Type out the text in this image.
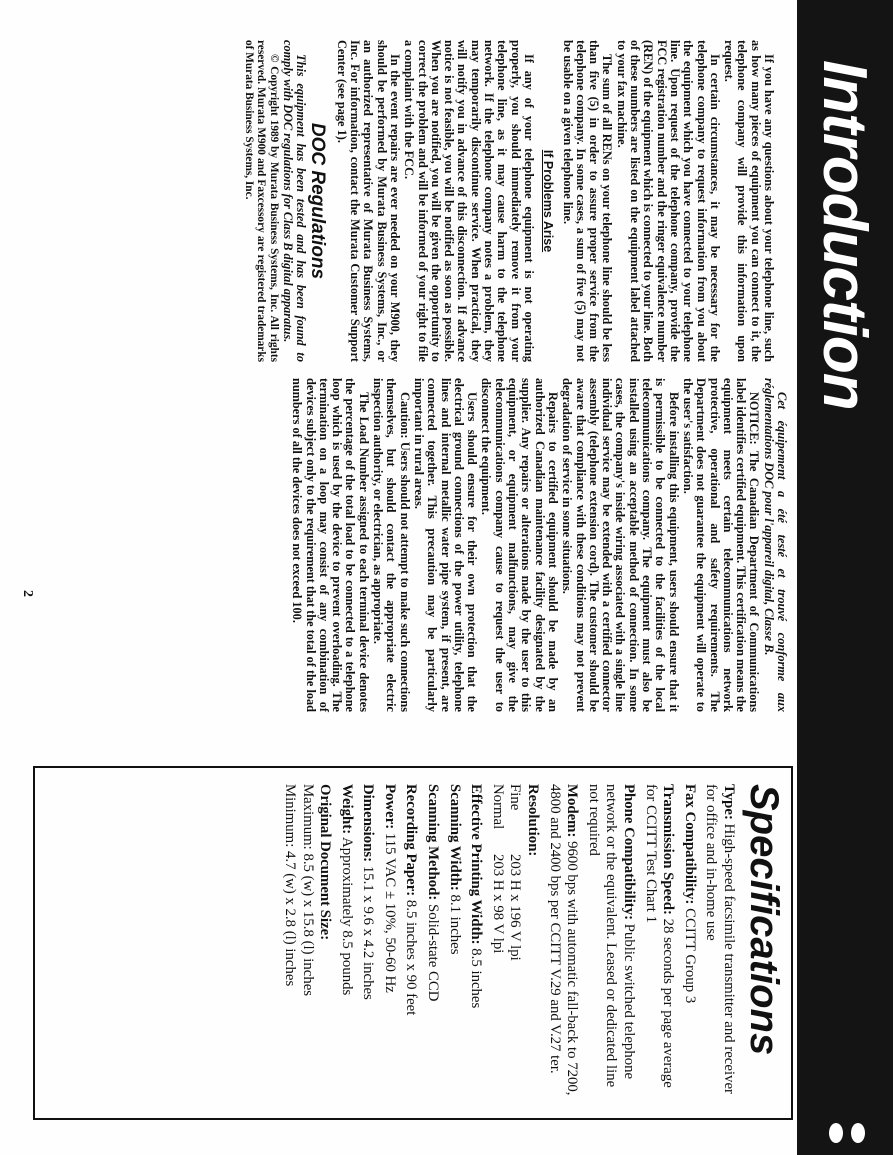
Introduction

If you have any questions about your telephone line, such as how many pieces of equipment you can connect to it, the telephone company will provide this information upon request.

In certain circumstances, it may be necessary for the telephone company to request information from you about the equipment which you have connected to your telephone line. Upon request of the telephone company, provide the FCC registration number and the ringer equivalence number (REN) of the equipment which is connected to your line. Both of these numbers are listed on the equipment label attached to your fax machine.

The sum of all RENs on your telephone line should be less than five (5) in order to assure proper service from the telephone company. In some cases, a sum of five (5) may not be usable on a given telephone line.

If Problems Arise

If any of your telephone equipment is not operating properly, you should immediately remove it from your telephone line, as it may cause harm to the telephone network. If the telephone company notes a problem, they may temporarily discontinue service. When practical, they will notify you in advance of this disconnection. If advance notice is not feasible, you will be notified as soon as possible. When you are notified, you will be given the opportunity to correct the problem and will be informed of your right to file a complaint with the FCC.

In the event repairs are ever needed on your M900, they should be performed by Murata Business Systems, Inc., or an authorized representative of Murata Business Systems, Inc. For information, contact the Murata Customer Support Center (see page 1).

DOC Regulations

This equipment has been tested and has been found to comply with DOC regulations for Class B digital apparatus.

© Copyright 1989 by Murata Business Systems, Inc. All rights reserved. Murata M900 and Faxcessory are registered trademarks of Murata Business Systems, Inc.

Cet équipement a été testé et trouvé conforme aux réglementations DOC pour l'appareil digital, Classe B.

NOTICE: The Canadian Department of Communications label identifies certified equipment. This certification means the equipment meets certain telecommunications network protective, operational and safety requirements. The Department does not guarantee the equipment will operate to the user's satisfaction.

Before installing this equipment, users should ensure that it is permissible to be connected to the facilities of the local telecommunications company. The equipment must also be installed using an acceptable method of connection. In some cases, the company's inside wiring associated with a single line individual service may be extended with a certified connector assembly (telephone extension cord). The customer should be aware that compliance with these conditions may not prevent degradation of service in some situations.

Repairs to certified equipment should be made by an authorized Canadian maintenance facility designated by the supplier. Any repairs or alterations made by the user to this equipment, or equipment malfunctions, may give the telecommunications company cause to request the user to disconnect the equipment.

Users should ensure for their own protection that the electrical ground connections of the power utility, telephone lines and internal metallic water pipe system, if present, are connected together. This precaution may be particularly important in rural areas.

Caution: Users should not attempt to make such connections themselves, but should contact the appropriate electric inspection authority, or electrician, as appropriate.

The Load Number assigned to each terminal device denotes the percentage of the total load to be connected to a telephone loop which is used by the device to prevent overloading. The termination on a loop may consist of any combination of devices subject only to the requirement that the total of the load numbers of all the devices does not exceed 100.

Specifications

Type: High-speed facsimile transmitter and receiver for office and in-home use

Fax Compatibility: CCITT Group 3

Transmission Speed: 28 seconds per page average for CCITT Test Chart 1

Phone Compatibility: Public switched telephone network or the equivalent. Leased or dedicated line not required

Modem: 9600 bps with automatic fall-back to 7200, 4800 and 2400 bps per CCITT V.29 and V.27 ter.

Resolution:
Fine
203 H x 196 V lpi
Normal
203 H x 98 V lpi

Effective Printing Width: 8.5 inches

Scanning Width: 8.1 inches

Scanning Method: Solid-state CCD

Recording Paper: 8.5 inches x 90 feet

Power: 115 VAC ± 10%, 50-60 Hz

Dimensions: 15.1 x 9.6 x 4.2 inches

Weight: Approximately 8.5 pounds

Original Document Size:
Maximum: 8.5 (w) x 15.8 (l) inches
Minimum: 4.7 (w) x 2.8 (l) inches
2
